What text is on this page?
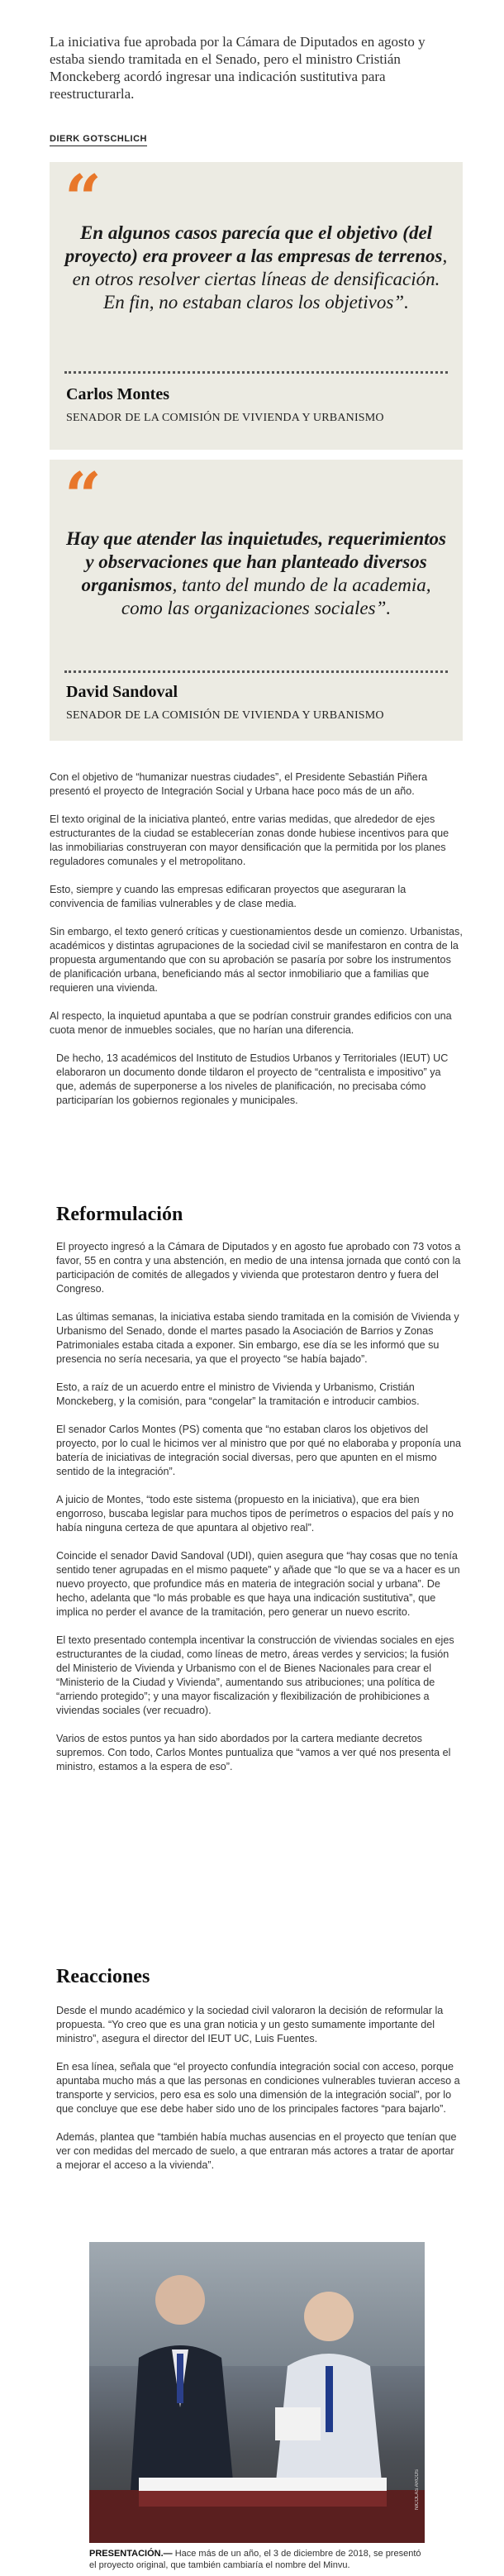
La iniciativa fue aprobada por la Cámara de Diputados en agosto y estaba siendo tramitada en el Senado, pero el ministro Cristián Monckeberg acordó ingresar una indicación sustitutiva para reestructurarla.
DIERK GOTSCHLICH
“
En algunos casos parecía que el objetivo (del proyecto) era proveer a las empresas de terrenos, en otros resolver ciertas líneas de densificación. En fin, no estaban claros los objetivos”.
Carlos Montes
SENADOR DE LA COMISIÓN DE VIVIENDA Y URBANISMO
“
Hay que atender las inquietudes, requerimientos y observaciones que han planteado diversos organismos, tanto del mundo de la academia, como las organizaciones sociales”.
David Sandoval
SENADOR DE LA COMISIÓN DE VIVIENDA Y URBANISMO

Con el objetivo de “humanizar nuestras ciudades”, el Presidente Sebastián Piñera presentó el proyecto de Integración Social y Urbana hace poco más de un año.

El texto original de la iniciativa planteó, entre varias medidas, que alrededor de ejes estructurantes de la ciudad se establecerían zonas donde hubiese incentivos para que las inmobiliarias construyeran con mayor densificación que la permitida por los planes reguladores comunales y el metropolitano.

Esto, siempre y cuando las empresas edificaran proyectos que aseguraran la convivencia de familias vulnerables y de clase media.

Sin embargo, el texto generó críticas y cuestionamientos desde un comienzo. Urbanistas, académicos y distintas agrupaciones de la sociedad civil se manifestaron en contra de la propuesta argumentando que con su aprobación se pasaría por sobre los instrumentos de planificación urbana, beneficiando más al sector inmobiliario que a familias que requieren una vivienda.

Al respecto, la inquietud apuntaba a que se podrían construir grandes edificios con una cuota menor de inmuebles sociales, que no harían una diferencia.

De hecho, 13 académicos del Instituto de Estudios Urbanos y Territoriales (IEUT) UC elaboraron un documento donde tildaron el proyecto de “centralista e impositivo” ya que, además de superponerse a los niveles de planificación, no precisaba cómo participarían los gobiernos regionales y municipales.

Reformulación

El proyecto ingresó a la Cámara de Diputados y en agosto fue aprobado con 73 votos a favor, 55 en contra y una abstención, en medio de una intensa jornada que contó con la participación de comités de allegados y vivienda que protestaron dentro y fuera del Congreso.

Las últimas semanas, la iniciativa estaba siendo tramitada en la comisión de Vivienda y Urbanismo del Senado, donde el martes pasado la Asociación de Barrios y Zonas Patrimoniales estaba citada a exponer. Sin embargo, ese día se les informó que su presencia no sería necesaria, ya que el proyecto “se había bajado”.

Esto, a raíz de un acuerdo entre el ministro de Vivienda y Urbanismo, Cristián Monckeberg, y la comisión, para “congelar” la tramitación e introducir cambios.

El senador Carlos Montes (PS) comenta que “no estaban claros los objetivos del proyecto, por lo cual le hicimos ver al ministro que por qué no elaboraba y proponía una batería de iniciativas de integración social diversas, pero que apunten en el mismo sentido de la integración”.

A juicio de Montes, “todo este sistema (propuesto en la iniciativa), que era bien engorroso, buscaba legislar para muchos tipos de perímetros o espacios del país y no había ninguna certeza de que apuntara al objetivo real”.

Coincide el senador David Sandoval (UDI), quien asegura que “hay cosas que no tenía sentido tener agrupadas en el mismo paquete” y añade que “lo que se va a hacer es un nuevo proyecto, que profundice más en materia de integración social y urbana”. De hecho, adelanta que “lo más probable es que haya una indicación sustitutiva”, que implica no perder el avance de la tramitación, pero generar un nuevo escrito.

El texto presentado contempla incentivar la construcción de viviendas sociales en ejes estructurantes de la ciudad, como líneas de metro, áreas verdes y servicios; la fusión del Ministerio de Vivienda y Urbanismo con el de Bienes Nacionales para crear el “Ministerio de la Ciudad y Vivienda”, aumentando sus atribuciones; una política de “arriendo protegido”; y una mayor fiscalización y flexibilización de prohibiciones a viviendas sociales (ver recuadro).

Varios de estos puntos ya han sido abordados por la cartera mediante decretos supremos. Con todo, Carlos Montes puntualiza que “vamos a ver qué nos presenta el ministro, estamos a la espera de eso”.

Reacciones

Desde el mundo académico y la sociedad civil valoraron la decisión de reformular la propuesta. “Yo creo que es una gran noticia y un gesto sumamente importante del ministro”, asegura el director del IEUT UC, Luis Fuentes.

En esa línea, señala que “el proyecto confundía integración social con acceso, porque apuntaba mucho más a que las personas en condiciones vulnerables tuvieran acceso a transporte y servicios, pero esa es solo una dimensión de la integración social”, por lo que concluye que ese debe haber sido uno de los principales factores “para bajarlo”.

Además, plantea que “también había muchas ausencias en el proyecto que tenían que ver con medidas del mercado de suelo, a que entraran más actores a tratar de aportar a mejorar el acceso a la vivienda”.

NICOLAS ARCOS
PRESENTACIÓN.— Hace más de un año, el 3 de diciembre de 2018, se presentó el proyecto original, que también cambiaría el nombre del Minvu.
